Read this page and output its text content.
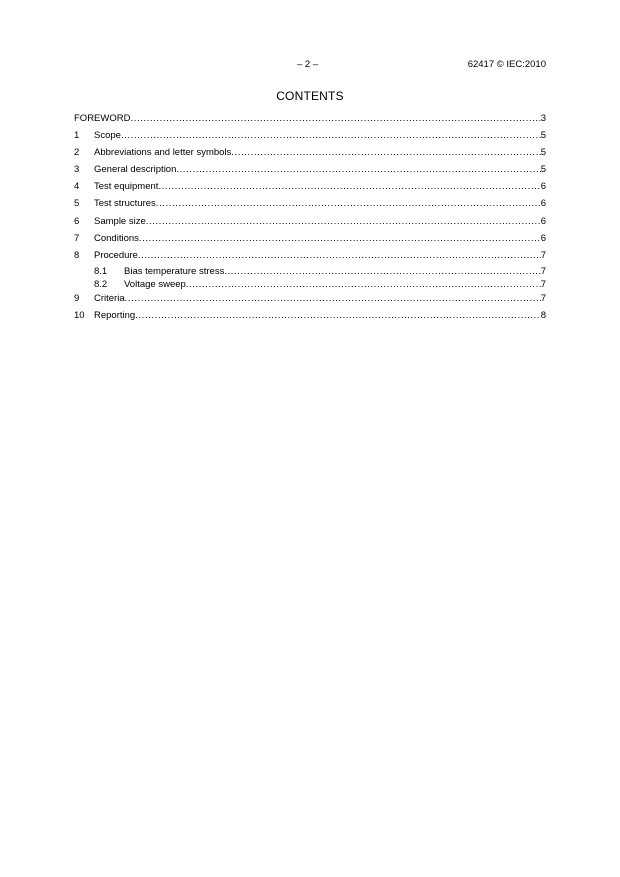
– 2 –	62417 © IEC:2010
CONTENTS
FOREWORD .....	3
1	Scope .....	5
2	Abbreviations and letter symbols .....	5
3	General description .....	5
4	Test equipment .....	6
5	Test structures .....	6
6	Sample size .....	6
7	Conditions .....	6
8	Procedure .....	7
8.1	Bias temperature stress .....	7
8.2	Voltage sweep .....	7
9	Criteria .....	7
10 Reporting .....	8
